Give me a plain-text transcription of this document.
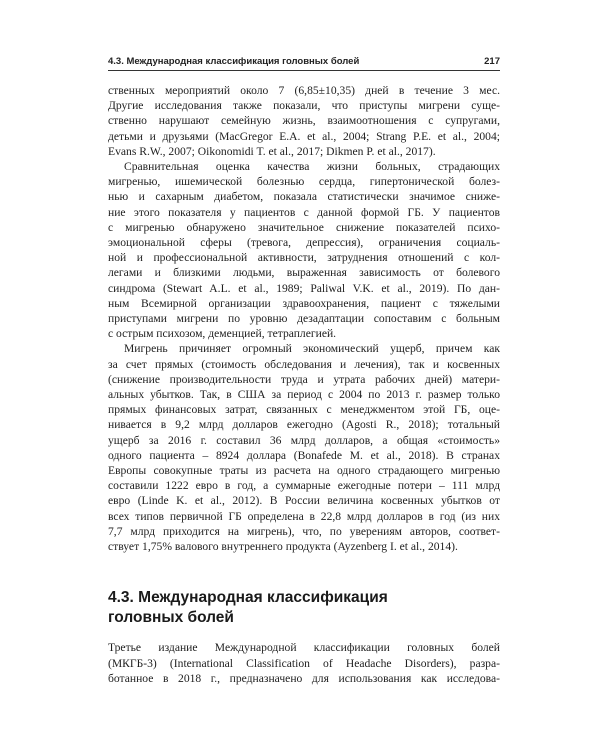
4.3. Международная классификация головных болей	217

ственных мероприятий около 7 (6,85±10,35) дней в течение 3 мес.
Другие исследования также показали, что приступы мигрени суще-
ственно нарушают семейную жизнь, взаимоотношения с супругами,
детьми и друзьями (MacGregor E.A. et al., 2004; Strang P.E. et al., 2004;
Evans R.W., 2007; Oikonomidi T. et al., 2017; Dikmen P. et al., 2017).

Сравнительная оценка качества жизни больных, страдающих
мигренью, ишемической болезнью сердца, гипертонической болез-
нью и сахарным диабетом, показала статистически значимое сниже-
ние этого показателя у пациентов с данной формой ГБ. У пациентов
с мигренью обнаружено значительное снижение показателей психо-
эмоциональной сферы (тревога, депрессия), ограничения социаль-
ной и профессиональной активности, затруднения отношений с кол-
легами и близкими людьми, выраженная зависимость от болевого
синдрома (Stewart A.L. et al., 1989; Paliwal V.K. et al., 2019). По дан-
ным Всемирной организации здравоохранения, пациент с тяжелыми
приступами мигрени по уровню дезадаптации сопоставим с больным
с острым психозом, деменцией, тетраплегией.

Мигрень причиняет огромный экономический ущерб, причем как
за счет прямых (стоимость обследования и лечения), так и косвенных
(снижение производительности труда и утрата рабочих дней) матери-
альных убытков. Так, в США за период с 2004 по 2013 г. размер только
прямых финансовых затрат, связанных с менеджментом этой ГБ, оце-
нивается в 9,2 млрд долларов ежегодно (Agosti R., 2018); тотальный
ущерб за 2016 г. составил 36 млрд долларов, а общая «стоимость»
одного пациента – 8924 доллара (Bonafede M. et al., 2018). В странах
Европы совокупные траты из расчета на одного страдающего мигренью
составили 1222 евро в год, а суммарные ежегодные потери – 111 млрд
евро (Linde K. et al., 2012). В России величина косвенных убытков от
всех типов первичной ГБ определена в 22,8 млрд долларов в год (из них
7,7 млрд приходится на мигрень), что, по уверениям авторов, соответ-
ствует 1,75% валового внутреннего продукта (Ayzenberg I. et al., 2014).

4.3. Международная классификация
головных болей

Третье издание Международной классификации головных болей
(МКГБ-3) (International Classification of Headache Disorders), разра-
ботанное в 2018 г., предназначено для использования как исследова-
